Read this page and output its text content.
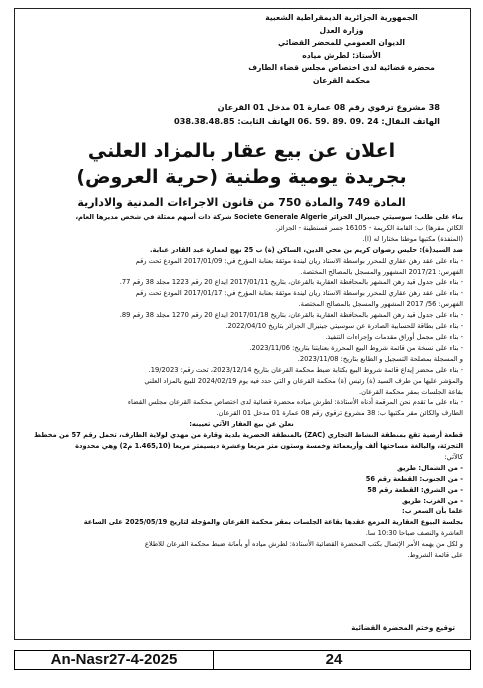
الجمهورية الجزائرية الديمقراطية الشعبية
وزارة العدل
الديوان العمومي للمحضر القضائي
الأستاذ: لطرش مياده
محضرة قضائية لدى اختصاص مجلس قضاء الطارف
محكمة القرعان
38 مشروع ترقوي رقم 08 عمارة 01 مدخل 01 القرعان
الهاتف النقال: 24 .09 .89 .59 .06 الهاتف الثابت: 038.38.48.85
اعلان عن بيع عقار بالمزاد العلني
بجريدة يومية وطنية (حرية العروض)
المادة 749 والمادة 750 من قانون الاجراءات المدنية والادارية
بناء على طلب: سوسيتي جينيرال الجزائر Societe Generale Algerie شركة ذات أسهم ممثلة في شخص مديرها العام،
الكائن مقرها) ب: القامة الكريمة - 16105 جسر قسنطينة - الجزائر.
(المنفذة) مكتبها موطنا مختارا له (ا).
ضد السيد(ة): حليس رضوان كريم بن محي الدين، الساكن (ة) ب 25 نهج لعمارة عبد القادر عنابة.
- بناء على عقد رهن عقاري للمحرر بواسطة الاستاذ ريان ليندة موثقة بعنابة المؤرخ في: 2017/01/09 المودع تحت رقم
الفهرس: 2017/21 المشهور والمسجل بالمصالح المختصة.
- بناء على جدول قيد رهن المشهر بالمحافظة العقارية بالقرعان، بتاريخ 2017/01/11 ايداع 20 رقم 1223 مجلد 38 رقم 77.
- بناء على عقد رهن عقاري للمحرر بواسطة الاستاذ ريان ليندة موثقة بعنابة المؤرخ في: 2017/01/17 المودع تحت رقم
الفهرس: 56/ 2017 المشهور والمسجل بالمصالح المختصة.
- بناء على جدول قيد رهن المشهر بالمحافظة العقارية بالقرعان، بتاريخ 2017/01/18 ايداع 20 رقم 1270 مجلد 38 رقم 89.
- بناء على بطاقة للحسابية الصادرة عن سوسيتي جينيرال الجزائر بتاريخ 2022/04/10.
- بناء على مجمل أوراق مقدمات وإجراءات التنفيذ.
- بناء على نسخة من قائمة شروط البيع المحررة بعنايتنا بتاريخ: 2023/11/06.
و المسجلة بمصلحة التسجيل و الطابع بتاريخ: 2023/11/08.
- بناء على محضر إيداع قائمة شروط البيع بكتابة ضبط محكمة القرعان بتاريخ 2023/12/14، تحت رقم: 19/2023.
والمؤشر عليها من طرف السيد (ة) رئيس (ة) محكمة القرعان و التي حدد فيه يوم 2024/02/19 للبيع بالمزاد العلني
بقاعة الجلسات بمقر محكمة القرعان.
- بناء على ما تقدم نحن المرقمة أدناه الأستاذة: لطرش مياده محضرة قضائية لدى اختصاص محكمة القرعان مجلس القضاء
الطارف والكائن مقر مكتبها ب: 38 مشروع ترقوي رقم 08 عمارة 01 مدخل 01 القرعان.
نعلن عن بيع العقار الآتي تعيينه:
قطعة أرضية تقع بمنطقة النشاط التجاري (ZAC) بالمنطقة الحضرية بلدية وقارة من مهدي لولاية الطارف، تحمل رقم 57 من مخطط
التجزئة، والبالغة مساحتها ألف وأربعمائة وخمسة وستون متر مربعا وعشرة ديسيمتر مربعا (1.465,10 م2) وهي محدودة
كالآتي:
- من الشمال: طريق
- من الجنوب: القطعة رقم 56
- من الشرق: القطعة رقم 58
- من الغرب: طريق
علما بأن السعر ب:
بجلسة البيوع العقارية المزمع عقدها بقاعة الجلسات بمقر محكمة القرعان والمؤجلة لتاريخ 2025/05/19 على الساعة
العاشرة والنصف صباحا 10:30 سا.
و لكل من يهمه الأمر الإتصال بكتب المحضرة القضائية الأستاذة: لطرش مياده أو بأمانة ضبط محكمة القرعان للاطلاع
على قائمة الشروط.
توقيع وختم المحضرة القضائية
An-Nasr27-4-2025	24
